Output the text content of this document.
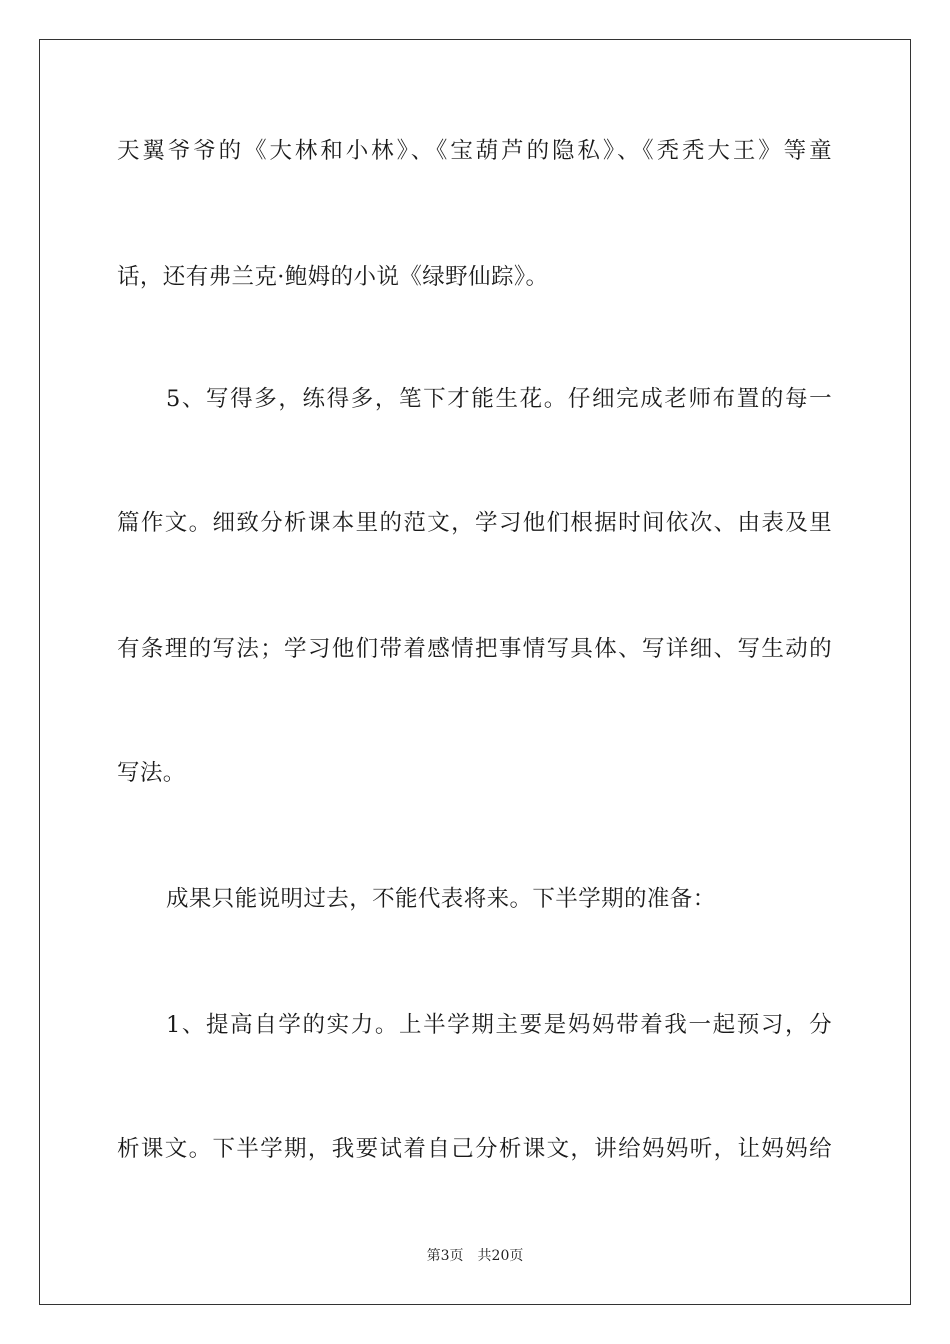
天翼爷爷的《大林和小林》、《宝葫芦的隐私》、《秃秃大王》等童
话，还有弗兰克·鲍姆的小说《绿野仙踪》。
5、写得多，练得多，笔下才能生花。仔细完成老师布置的每一
篇作文。细致分析课本里的范文，学习他们根据时间依次、由表及里
有条理的写法；学习他们带着感情把事情写具体、写详细、写生动的
写法。
成果只能说明过去，不能代表将来。下半学期的准备：
1、提高自学的实力。上半学期主要是妈妈带着我一起预习，分
析课文。下半学期，我要试着自己分析课文，讲给妈妈听，让妈妈给
第3页 共20页
